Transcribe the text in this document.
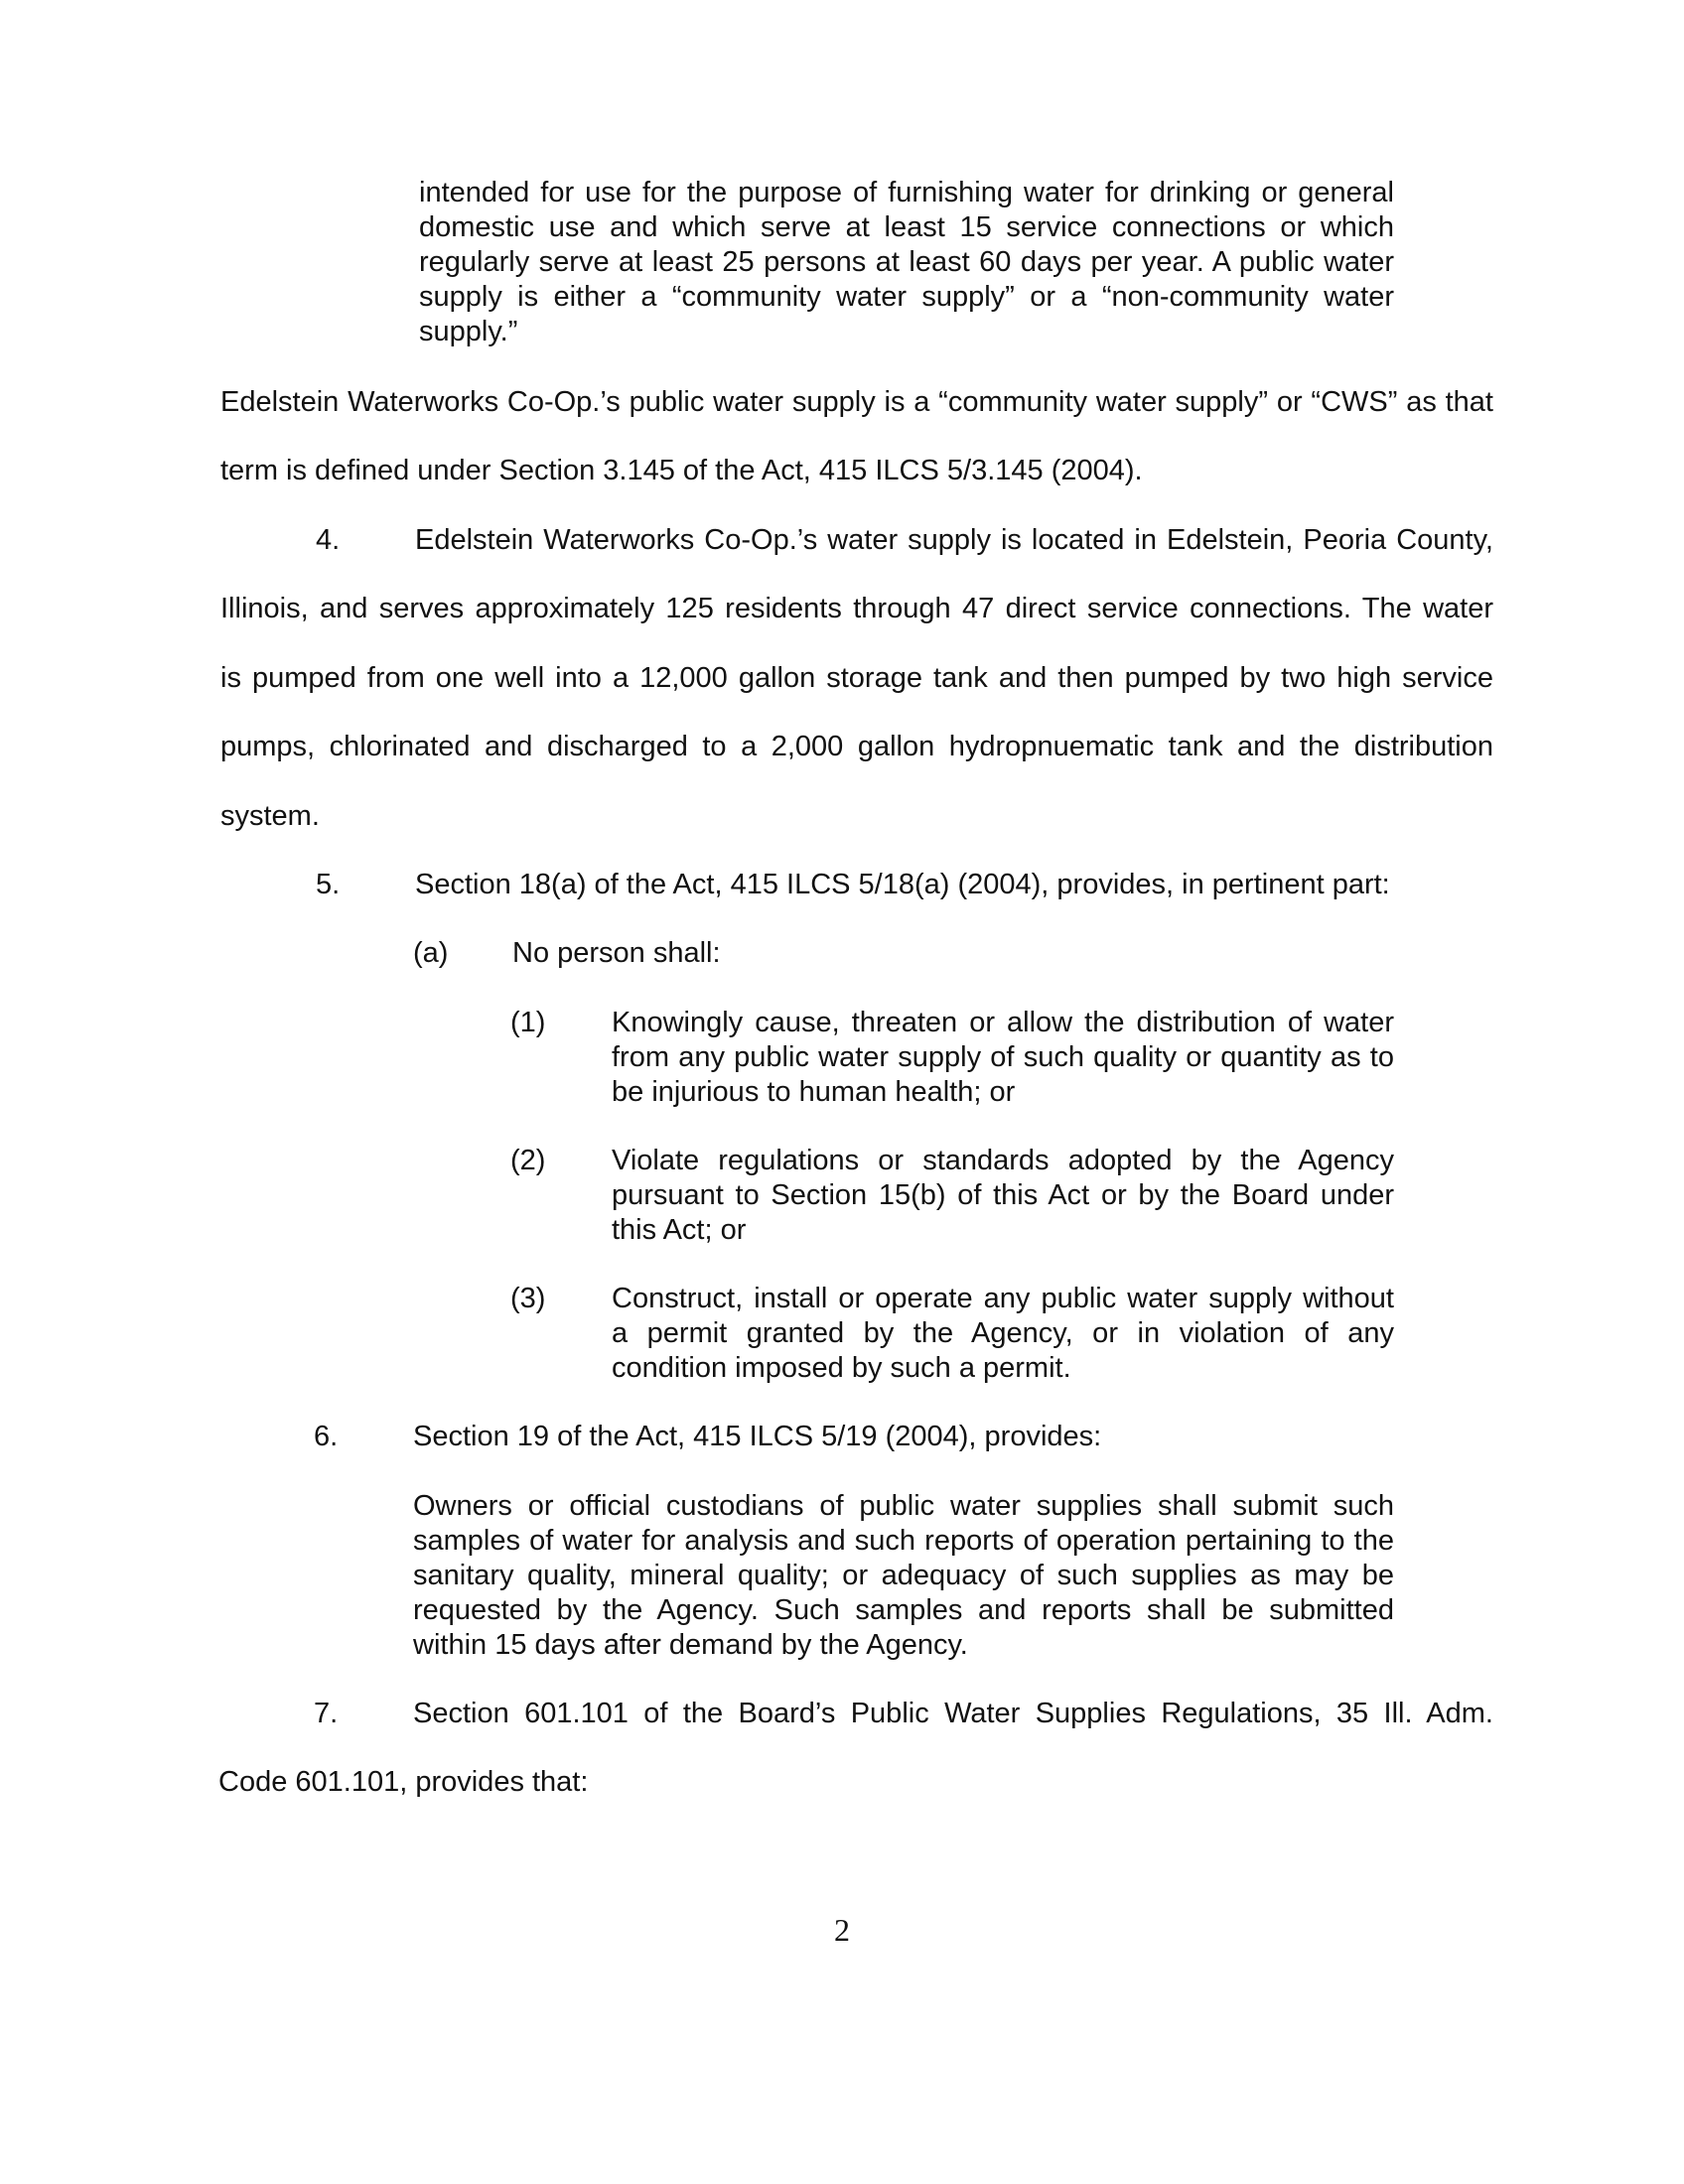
intended for use for the purpose of furnishing water for drinking or general domestic use and which serve at least 15 service connections or which regularly serve at least 25 persons at least 60 days per year. A public water supply is either a “community water supply” or a “non-community water supply.”
Edelstein Waterworks Co-Op.’s public water supply is a “community water supply” or “CWS” as that
term is defined under Section 3.145 of the Act, 415 ILCS 5/3.145 (2004).
4.	Edelstein Waterworks Co-Op.’s water supply is located in Edelstein, Peoria County,
Illinois, and serves approximately 125 residents through 47 direct service connections. The water
is pumped from one well into a 12,000 gallon storage tank and then pumped by two high service
pumps, chlorinated and discharged to a 2,000 gallon hydropnuematic tank and the distribution
system.
5.	Section 18(a) of the Act, 415 ILCS 5/18(a) (2004), provides, in pertinent part:
(a) No person shall:
(1) Knowingly cause, threaten or allow the distribution of water from any public water supply of such quality or quantity as to be injurious to human health; or
(2) Violate regulations or standards adopted by the Agency pursuant to Section 15(b) of this Act or by the Board under this Act; or
(3) Construct, install or operate any public water supply without a permit granted by the Agency, or in violation of any condition imposed by such a permit.
6.	Section 19 of the Act, 415 ILCS 5/19 (2004), provides:
Owners or official custodians of public water supplies shall submit such samples of water for analysis and such reports of operation pertaining to the sanitary quality, mineral quality; or adequacy of such supplies as may be requested by the Agency. Such samples and reports shall be submitted within 15 days after demand by the Agency.
7.	Section 601.101 of the Board’s Public Water Supplies Regulations, 35 Ill. Adm.
Code 601.101, provides that:
2
